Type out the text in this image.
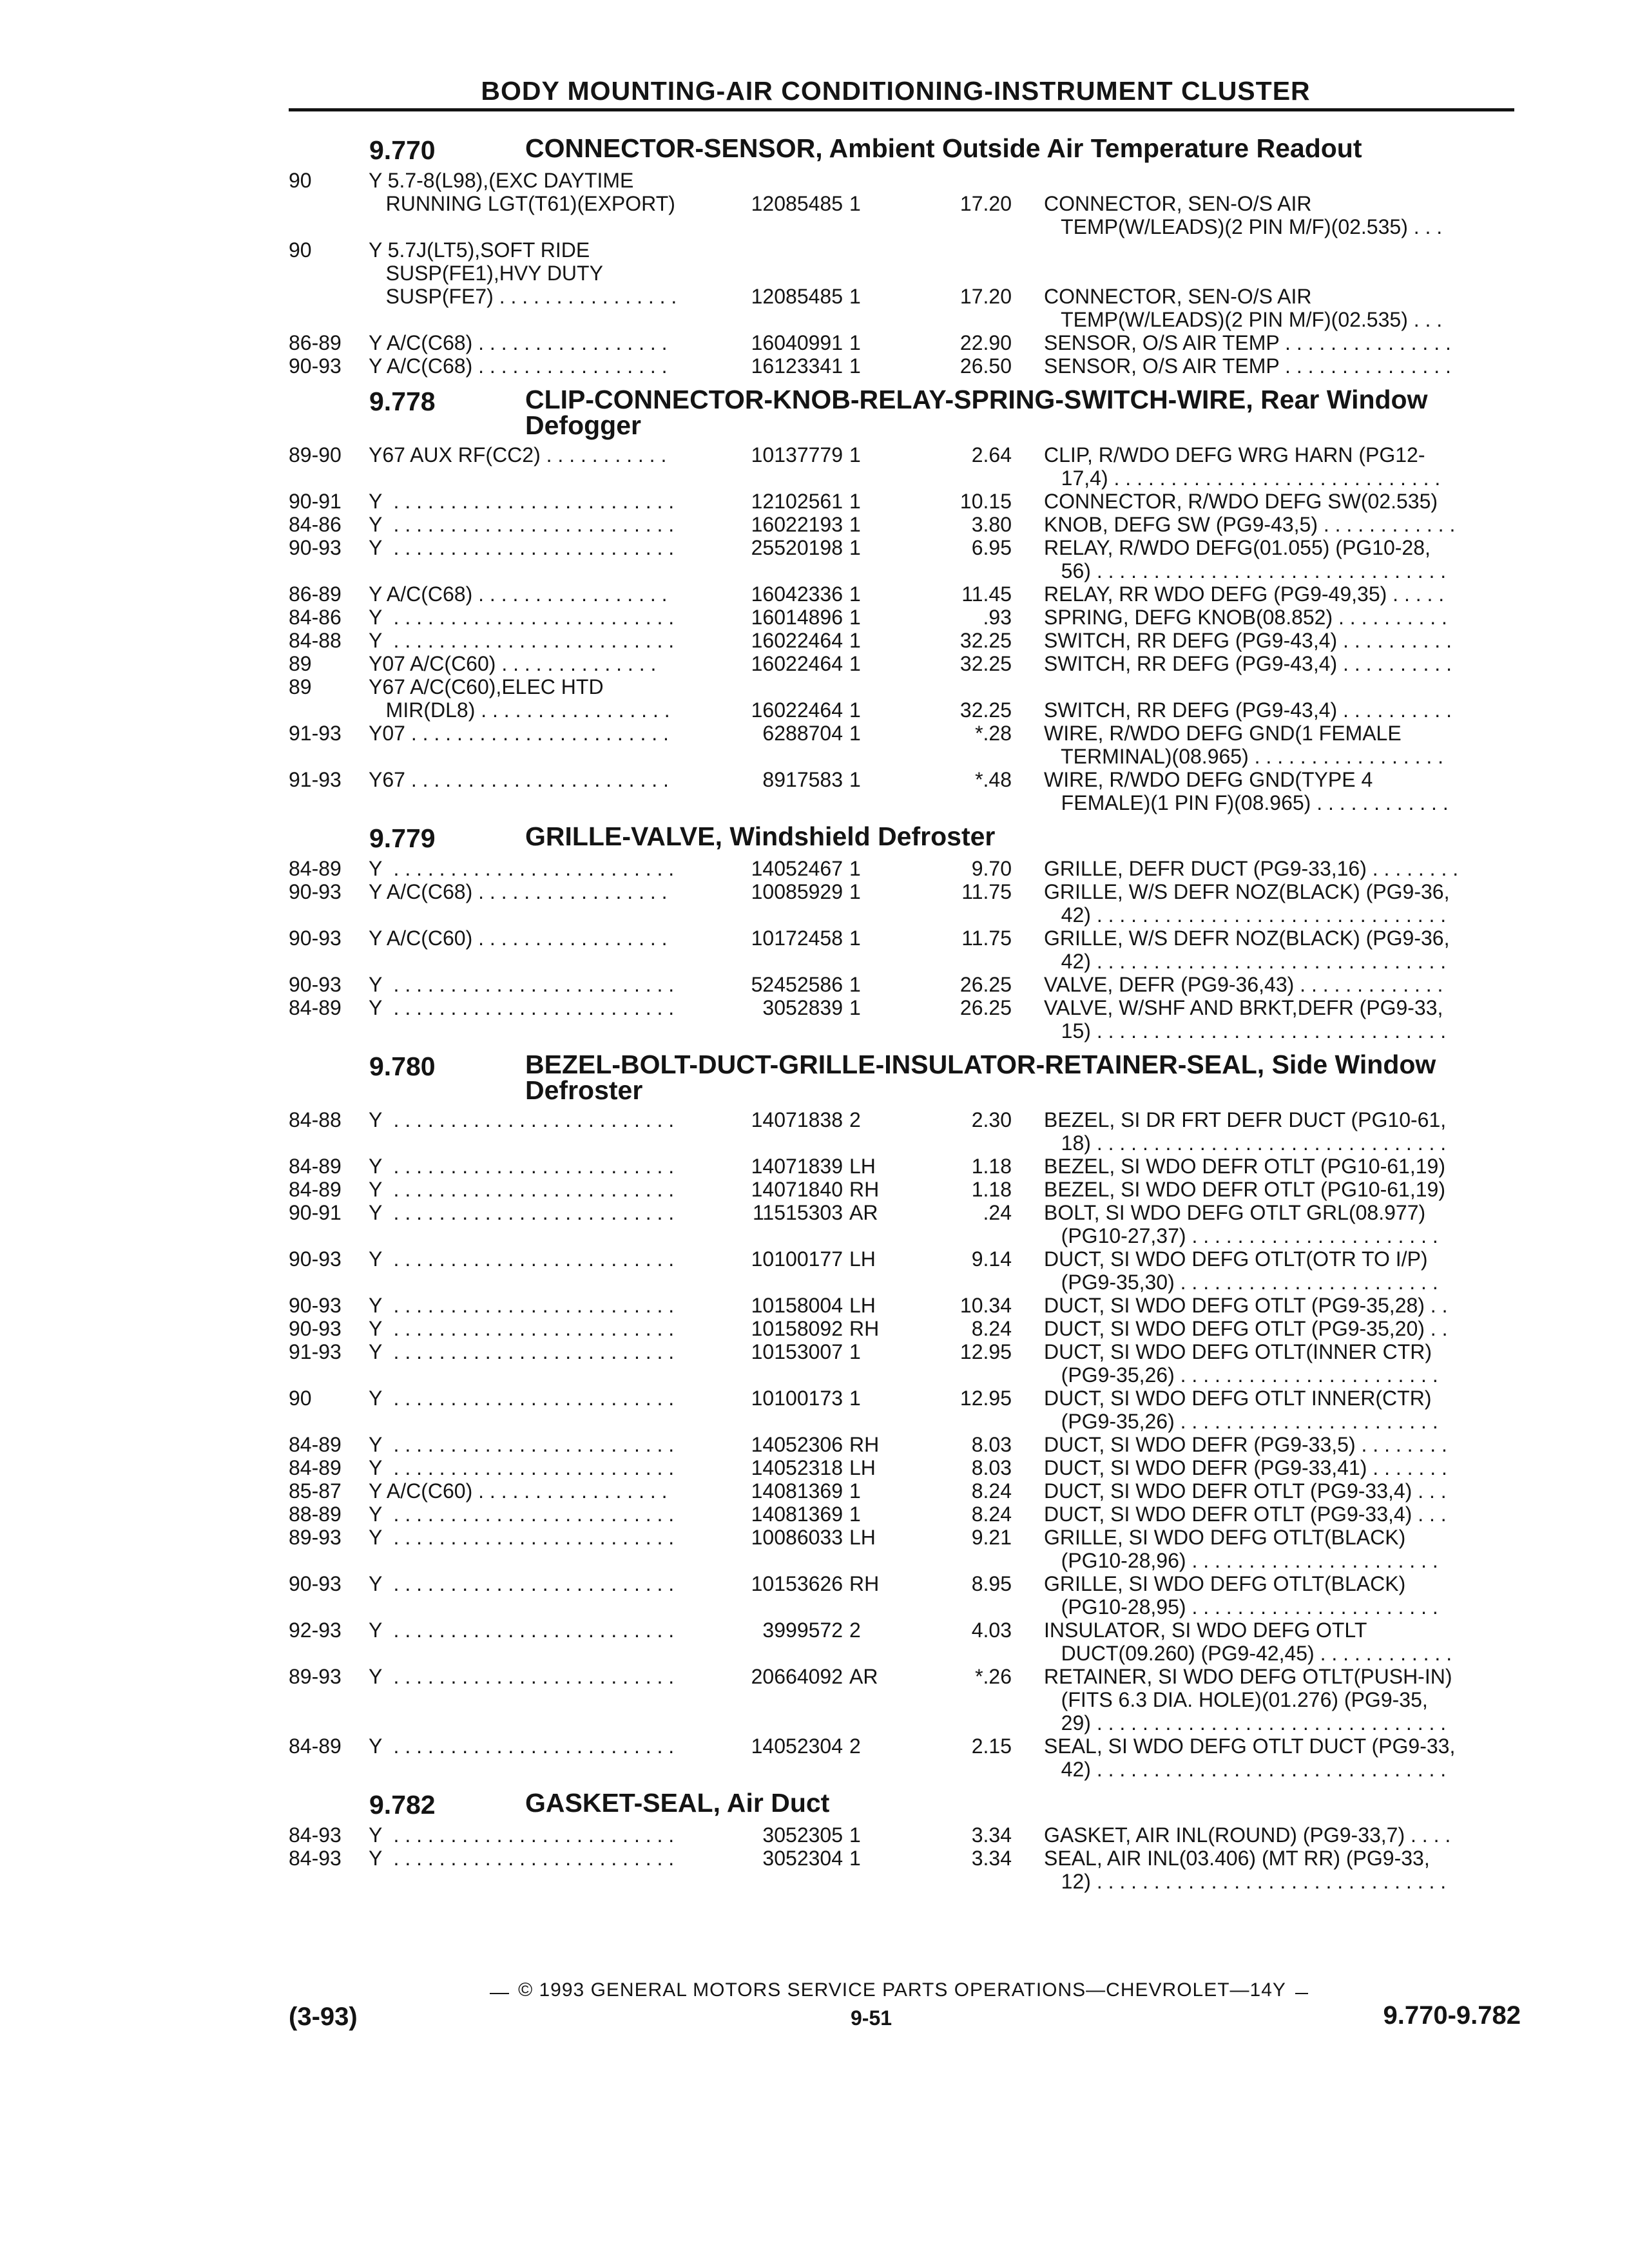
BODY MOUNTING-AIR CONDITIONING-INSTRUMENT CLUSTER
9.770	CONNECTOR-SENSOR, Ambient Outside Air Temperature Readout
90	Y 5.7-8(L98),(EXC DAYTIME
RUNNING LGT(T61)(EXPORT)	12085485 1	17.20 CONNECTOR, SEN-O/S AIR
TEMP(W/LEADS)(2 PIN M/F)(02.535) . . .
90	Y 5.7J(LT5),SOFT RIDE
SUSP(FE1),HVY DUTY
SUSP(FE7) . . . . . . . . . . . . . . . .	12085485 1	17.20 CONNECTOR, SEN-O/S AIR
TEMP(W/LEADS)(2 PIN M/F)(02.535) . . .
86-89	Y A/C(C68) . . . . . . . . . . . . . . . . .	16040991 1	22.90 SENSOR, O/S AIR TEMP . . . . . . . . . . . . . . .
90-93	Y A/C(C68) . . . . . . . . . . . . . . . . .	16123341 1	26.50 SENSOR, O/S AIR TEMP . . . . . . . . . . . . . . .
9.778	CLIP-CONNECTOR-KNOB-RELAY-SPRING-SWITCH-WIRE, Rear Window Defogger
89-90	Y67 AUX RF(CC2) . . . . . . . . . . .	10137779 1	2.64 CLIP, R/WDO DEFG WRG HARN (PG12-
17,4) . . . . . . . . . . . . . . . . . . . . . . . . . . . . .
90-91	Y  . . . . . . . . . . . . . . . . . . . . . . . . .	12102561 1	10.15 CONNECTOR, R/WDO DEFG SW(02.535)
84-86	Y  . . . . . . . . . . . . . . . . . . . . . . . . .	16022193 1	3.80 KNOB, DEFG SW (PG9-43,5) . . . . . . . . . . . .
90-93	Y  . . . . . . . . . . . . . . . . . . . . . . . . .	25520198 1	6.95 RELAY, R/WDO DEFG(01.055) (PG10-28,
56) . . . . . . . . . . . . . . . . . . . . . . . . . . . . . . .
86-89	Y A/C(C68) . . . . . . . . . . . . . . . . .	16042336 1	11.45 RELAY, RR WDO DEFG (PG9-49,35) . . . . .
84-86	Y  . . . . . . . . . . . . . . . . . . . . . . . . .	16014896 1	.93 SPRING, DEFG KNOB(08.852) . . . . . . . . . .
84-88	Y  . . . . . . . . . . . . . . . . . . . . . . . . .	16022464 1	32.25 SWITCH, RR DEFG (PG9-43,4) . . . . . . . . . .
89	Y07 A/C(C60) . . . . . . . . . . . . . .	16022464 1	32.25 SWITCH, RR DEFG (PG9-43,4) . . . . . . . . . .
89	Y67 A/C(C60),ELEC HTD
MIR(DL8) . . . . . . . . . . . . . . . . .	16022464 1	32.25 SWITCH, RR DEFG (PG9-43,4) . . . . . . . . . .
91-93	Y07 . . . . . . . . . . . . . . . . . . . . . . .	6288704 1	*.28 WIRE, R/WDO DEFG GND(1 FEMALE
TERMINAL)(08.965) . . . . . . . . . . . . . . . . .
91-93	Y67 . . . . . . . . . . . . . . . . . . . . . . .	8917583 1	*.48 WIRE, R/WDO DEFG GND(TYPE 4
FEMALE)(1 PIN F)(08.965) . . . . . . . . . . . .
9.779	GRILLE-VALVE, Windshield Defroster
84-89	Y  . . . . . . . . . . . . . . . . . . . . . . . . .	14052467 1	9.70 GRILLE, DEFR DUCT (PG9-33,16) . . . . . . . .
90-93	Y A/C(C68) . . . . . . . . . . . . . . . . .	10085929 1	11.75 GRILLE, W/S DEFR NOZ(BLACK) (PG9-36,
42) . . . . . . . . . . . . . . . . . . . . . . . . . . . . . . .
90-93	Y A/C(C60) . . . . . . . . . . . . . . . . .	10172458 1	11.75 GRILLE, W/S DEFR NOZ(BLACK) (PG9-36,
42) . . . . . . . . . . . . . . . . . . . . . . . . . . . . . . .
90-93	Y  . . . . . . . . . . . . . . . . . . . . . . . . .	52452586 1	26.25 VALVE, DEFR (PG9-36,43) . . . . . . . . . . . . .
84-89	Y  . . . . . . . . . . . . . . . . . . . . . . . . .	3052839 1	26.25 VALVE, W/SHF AND BRKT,DEFR (PG9-33,
15) . . . . . . . . . . . . . . . . . . . . . . . . . . . . . . .
9.780	BEZEL-BOLT-DUCT-GRILLE-INSULATOR-RETAINER-SEAL, Side Window Defroster
84-88	Y  . . . . . . . . . . . . . . . . . . . . . . . . .	14071838 2	2.30 BEZEL, SI DR FRT DEFR DUCT (PG10-61,
18) . . . . . . . . . . . . . . . . . . . . . . . . . . . . . . .
84-89	Y  . . . . . . . . . . . . . . . . . . . . . . . . .	14071839 LH	1.18 BEZEL, SI WDO DEFR OTLT (PG10-61,19)
84-89	Y  . . . . . . . . . . . . . . . . . . . . . . . . .	14071840 RH	1.18 BEZEL, SI WDO DEFR OTLT (PG10-61,19)
90-91	Y  . . . . . . . . . . . . . . . . . . . . . . . . .	11515303 AR	.24 BOLT, SI WDO DEFG OTLT GRL(08.977)
(PG10-27,37) . . . . . . . . . . . . . . . . . . . . . .
90-93	Y  . . . . . . . . . . . . . . . . . . . . . . . . .	10100177 LH	9.14 DUCT, SI WDO DEFG OTLT(OTR TO I/P)
(PG9-35,30) . . . . . . . . . . . . . . . . . . . . . . .
90-93	Y  . . . . . . . . . . . . . . . . . . . . . . . . .	10158004 LH	10.34 DUCT, SI WDO DEFG OTLT (PG9-35,28) . .
90-93	Y  . . . . . . . . . . . . . . . . . . . . . . . . .	10158092 RH	8.24 DUCT, SI WDO DEFG OTLT (PG9-35,20) . .
91-93	Y  . . . . . . . . . . . . . . . . . . . . . . . . .	10153007 1	12.95 DUCT, SI WDO DEFG OTLT(INNER CTR)
(PG9-35,26) . . . . . . . . . . . . . . . . . . . . . . .
90	Y  . . . . . . . . . . . . . . . . . . . . . . . . .	10100173 1	12.95 DUCT, SI WDO DEFG OTLT INNER(CTR)
(PG9-35,26) . . . . . . . . . . . . . . . . . . . . . . .
84-89	Y  . . . . . . . . . . . . . . . . . . . . . . . . .	14052306 RH	8.03 DUCT, SI WDO DEFR (PG9-33,5) . . . . . . . .
84-89	Y  . . . . . . . . . . . . . . . . . . . . . . . . .	14052318 LH	8.03 DUCT, SI WDO DEFR (PG9-33,41) . . . . . . .
85-87	Y A/C(C60) . . . . . . . . . . . . . . . . .	14081369 1	8.24 DUCT, SI WDO DEFR OTLT (PG9-33,4) . . .
88-89	Y  . . . . . . . . . . . . . . . . . . . . . . . . .	14081369 1	8.24 DUCT, SI WDO DEFR OTLT (PG9-33,4) . . .
89-93	Y  . . . . . . . . . . . . . . . . . . . . . . . . .	10086033 LH	9.21 GRILLE, SI WDO DEFG OTLT(BLACK)
(PG10-28,96) . . . . . . . . . . . . . . . . . . . . . .
90-93	Y  . . . . . . . . . . . . . . . . . . . . . . . . .	10153626 RH	8.95 GRILLE, SI WDO DEFG OTLT(BLACK)
(PG10-28,95) . . . . . . . . . . . . . . . . . . . . . .
92-93	Y  . . . . . . . . . . . . . . . . . . . . . . . . .	3999572 2	4.03 INSULATOR, SI WDO DEFG OTLT
DUCT(09.260) (PG9-42,45) . . . . . . . . . . . .
89-93	Y  . . . . . . . . . . . . . . . . . . . . . . . . .	20664092 AR	*.26 RETAINER, SI WDO DEFG OTLT(PUSH-IN)
(FITS 6.3 DIA. HOLE)(01.276) (PG9-35,
29) . . . . . . . . . . . . . . . . . . . . . . . . . . . . . . .
84-89	Y  . . . . . . . . . . . . . . . . . . . . . . . . .	14052304 2	2.15 SEAL, SI WDO DEFG OTLT DUCT (PG9-33,
42) . . . . . . . . . . . . . . . . . . . . . . . . . . . . . . .
9.782	GASKET-SEAL, Air Duct
84-93	Y  . . . . . . . . . . . . . . . . . . . . . . . . .	3052305 1	3.34 GASKET, AIR INL(ROUND) (PG9-33,7) . . . .
84-93	Y  . . . . . . . . . . . . . . . . . . . . . . . . .	3052304 1	3.34 SEAL, AIR INL(03.406) (MT RR) (PG9-33,
12) . . . . . . . . . . . . . . . . . . . . . . . . . . . . . . .
© 1993 GENERAL MOTORS SERVICE PARTS OPERATIONS—CHEVROLET—14Y
(3-93)	9-51	9.770-9.782
